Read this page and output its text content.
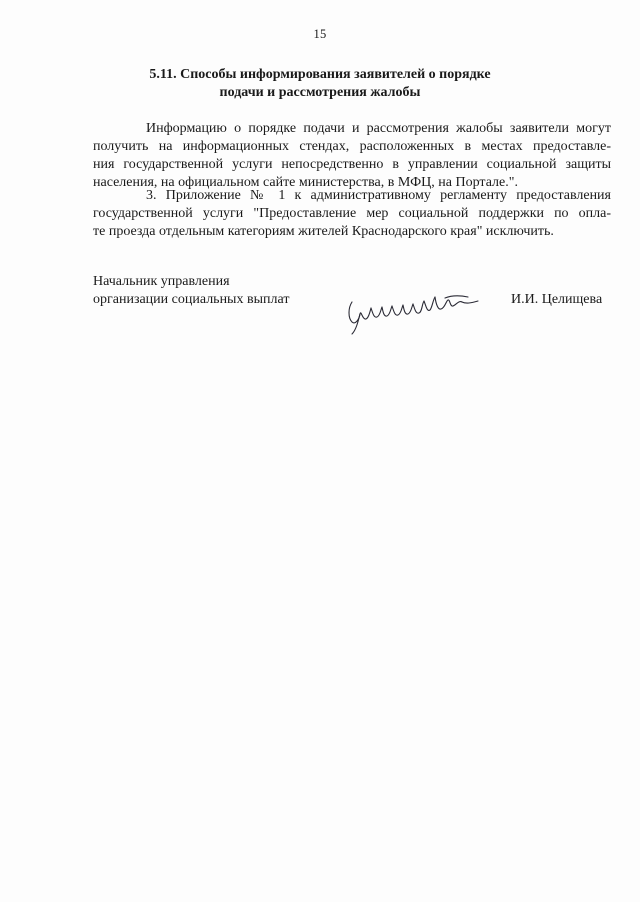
15
5.11. Способы информирования заявителей о порядке
подачи и рассмотрения жалобы
Информацию о порядке подачи и рассмотрения жалобы заявители могут
получить на информационных стендах, расположенных в местах предоставле-
ния государственной услуги непосредственно в управлении социальной защиты
населения, на официальном сайте министерства, в МФЦ, на Портале.".
3. Приложение № 1 к административному регламенту предоставления
государственной услуги "Предоставление мер социальной поддержки по опла-
те проезда отдельным категориям жителей Краснодарского края" исключить.
Начальник управления
организации социальных выплат	И.И. Целищева
